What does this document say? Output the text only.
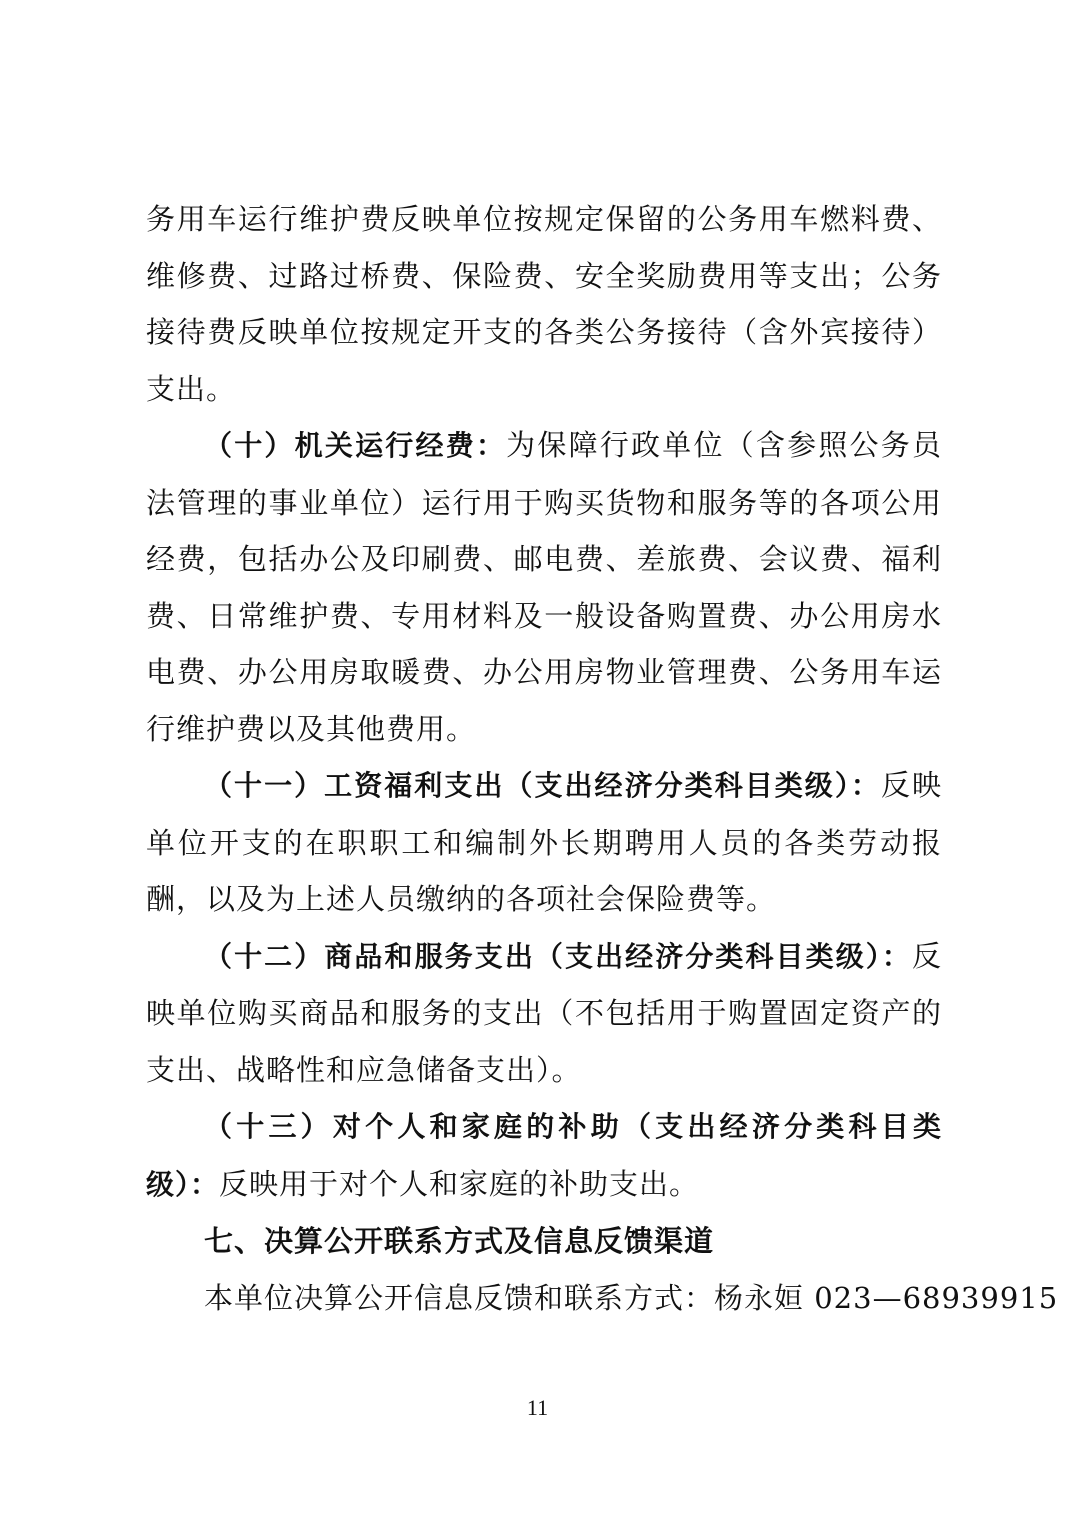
务用车运行维护费反映单位按规定保留的公务用车燃料费、维修费、过路过桥费、保险费、安全奖励费用等支出；公务接待费反映单位按规定开支的各类公务接待（含外宾接待）支出。

（十）机关运行经费：为保障行政单位（含参照公务员法管理的事业单位）运行用于购买货物和服务等的各项公用经费，包括办公及印刷费、邮电费、差旅费、会议费、福利费、日常维护费、专用材料及一般设备购置费、办公用房水电费、办公用房取暖费、办公用房物业管理费、公务用车运行维护费以及其他费用。

（十一）工资福利支出（支出经济分类科目类级）：反映单位开支的在职职工和编制外长期聘用人员的各类劳动报酬，以及为上述人员缴纳的各项社会保险费等。

（十二）商品和服务支出（支出经济分类科目类级）：反映单位购买商品和服务的支出（不包括用于购置固定资产的支出、战略性和应急储备支出）。

（十三）对个人和家庭的补助（支出经济分类科目类级）：反映用于对个人和家庭的补助支出。

七、决算公开联系方式及信息反馈渠道

本单位决算公开信息反馈和联系方式：杨永姮 023—68939915

11
